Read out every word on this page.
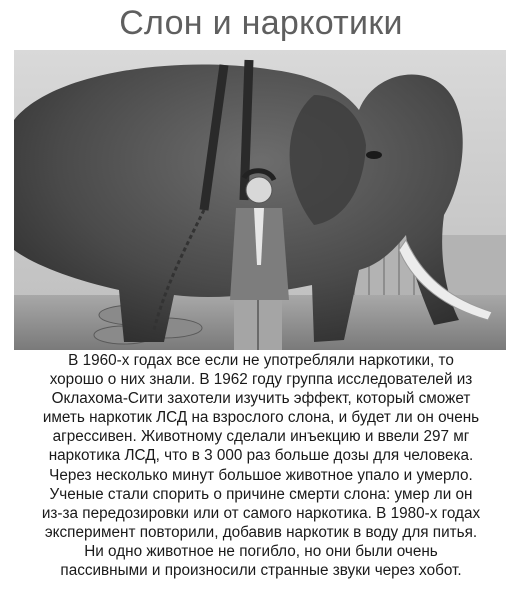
Слон и наркотики

В 1960-х годах все если не употребляли наркотики, то
хорошо о них знали. В 1962 году группа исследователей из
Оклахома-Сити захотели изучить эффект, который сможет
иметь наркотик ЛСД на взрослого слона, и будет ли он очень
агрессивен. Животному сделали инъекцию и ввели 297 мг
наркотика ЛСД, что в 3 000 раз больше дозы для человека.
Через несколько минут большое животное упало и умерло.
Ученые стали спорить о причине смерти слона: умер ли он
из-за передозировки или от самого наркотика. В 1980-х годах
эксперимент повторили, добавив наркотик в воду для питья.
Ни одно животное не погибло, но они были очень
пассивными и произносили странные звуки через хобот.
